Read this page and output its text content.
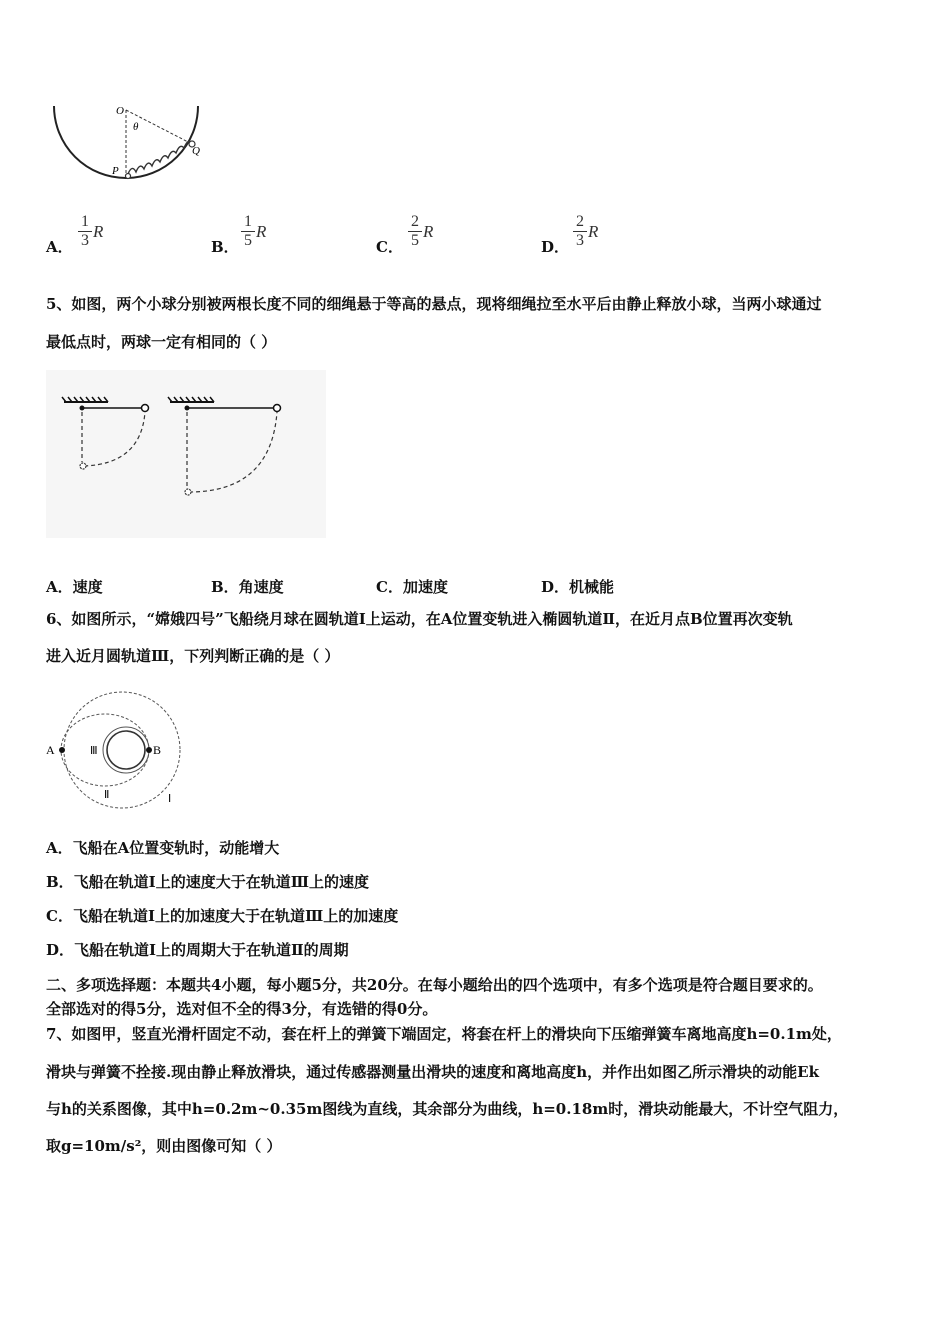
O
θ
Q
P
A．
1
3 R
B．
1
5 R
C．
2
5 R
D．
2
3 R
5、如图，两个小球分别被两根长度不同的细绳悬于等高的悬点，现将细绳拉至水平后由静止释放小球，当两小球通过
最低点时，两球一定有相同的（ ）
A．速度	B．角速度	C．加速度	D．机械能
6、如图所示，“嫦娥四号”飞船绕月球在圆轨道Ⅰ上运动，在A位置变轨进入椭圆轨道Ⅱ，在近月点B位置再次变轨
进入近月圆轨道Ⅲ，下列判断正确的是（ ）
A	B
Ⅲ
Ⅱ	Ⅰ
A．飞船在A位置变轨时，动能增大
B．飞船在轨道Ⅰ上的速度大于在轨道Ⅲ上的速度
C．飞船在轨道Ⅰ上的加速度大于在轨道Ⅲ上的加速度
D．飞船在轨道Ⅰ上的周期大于在轨道Ⅱ的周期
二、多项选择题：本题共4小题，每小题5分，共20分。在每小题给出的四个选项中，有多个选项是符合题目要求的。
全部选对的得5分，选对但不全的得3分，有选错的得0分。
7、如图甲，竖直光滑杆固定不动，套在杆上的弹簧下端固定，将套在杆上的滑块向下压缩弹簧车离地高度h=0.1m处，
滑块与弹簧不拴接.现由静止释放滑块，通过传感器测量出滑块的速度和离地高度h，并作出如图乙所示滑块的动能Ek
与h的关系图像，其中h=0.2m~0.35m图线为直线，其余部分为曲线，h=0.18m时，滑块动能最大，不计空气阻力，
取g=10m/s²，则由图像可知（ ）
